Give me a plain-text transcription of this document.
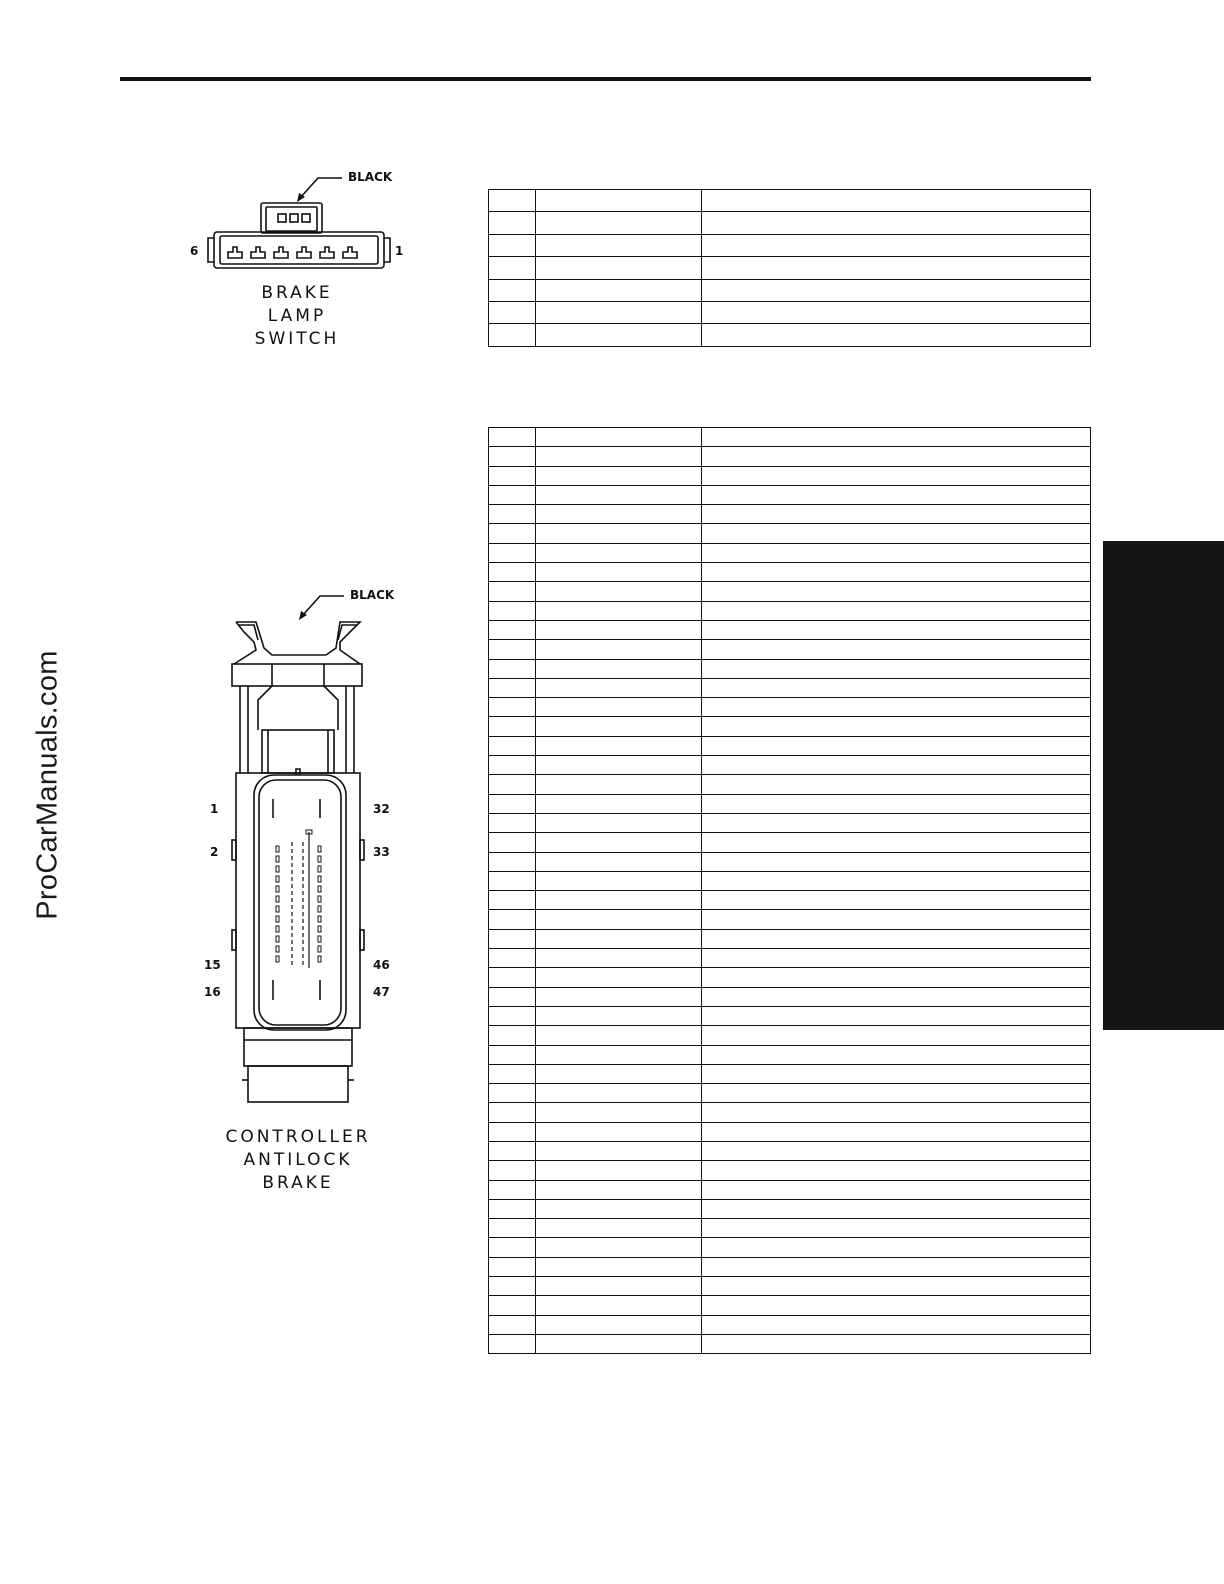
ProCarManuals.com
BLACK
6	1
BRAKE
LAMP
SWITCH
BLACK
1
2
15
16
32
33
46
47
CONTROLLER
ANTILOCK
BRAKE
